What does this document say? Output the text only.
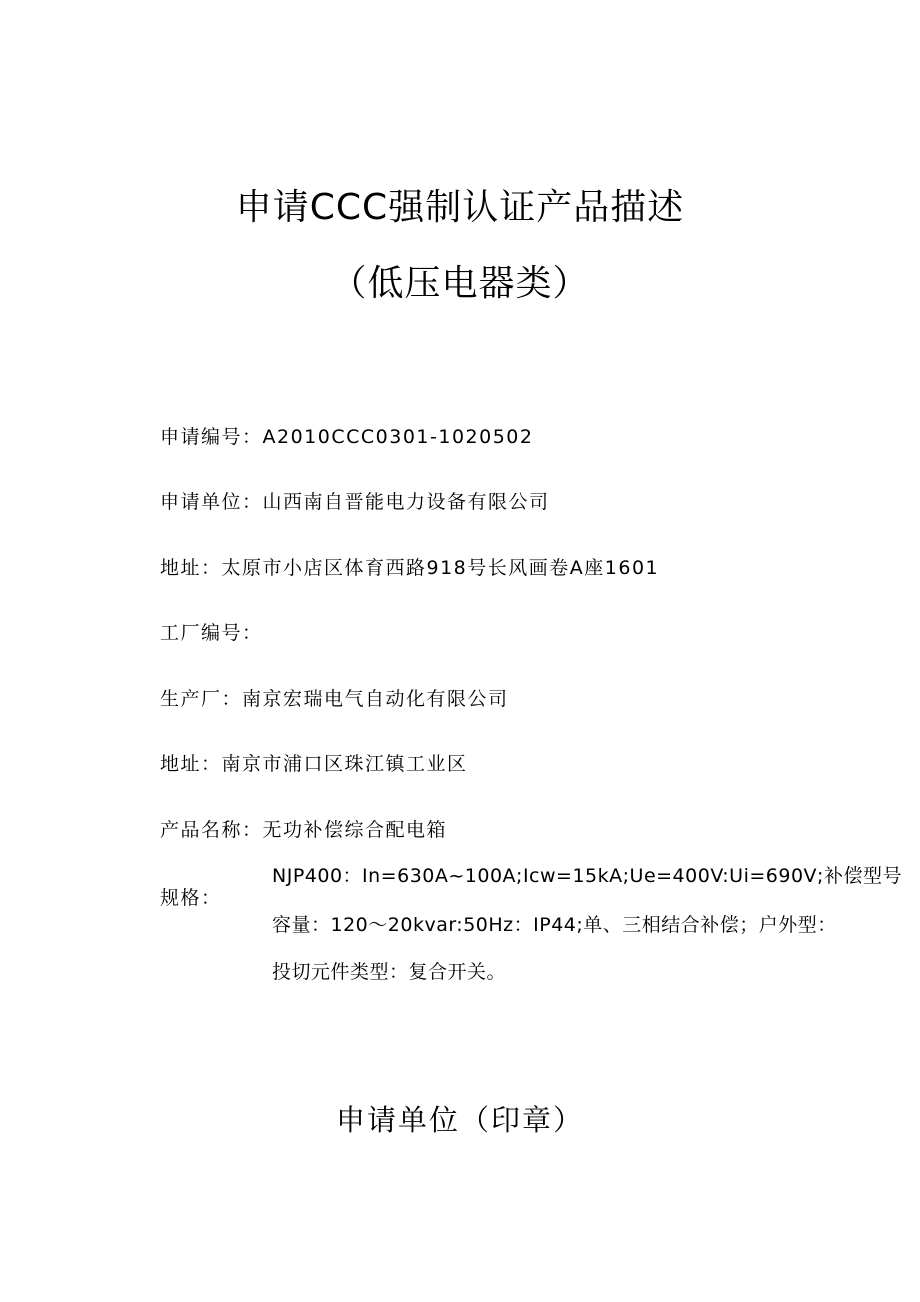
申请CCC强制认证产品描述
（低压电器类）
申请编号：A2010CCC0301-1020502
申请单位：山西南自晋能电力设备有限公司
地址：太原市小店区体育西路918号长风画卷A座1601
工厂编号：
生产厂：南京宏瑞电气自动化有限公司
地址：南京市浦口区珠江镇工业区
产品名称：无功补偿综合配电箱
规格：
NJP400：In=630A~100A;Icw=15kA;Ue=400V:Ui=690V;补偿型号
容量：120～20kvar:50Hz：IP44;单、三相结合补偿；户外型：
投切元件类型：复合开关。
申请单位（印章）
